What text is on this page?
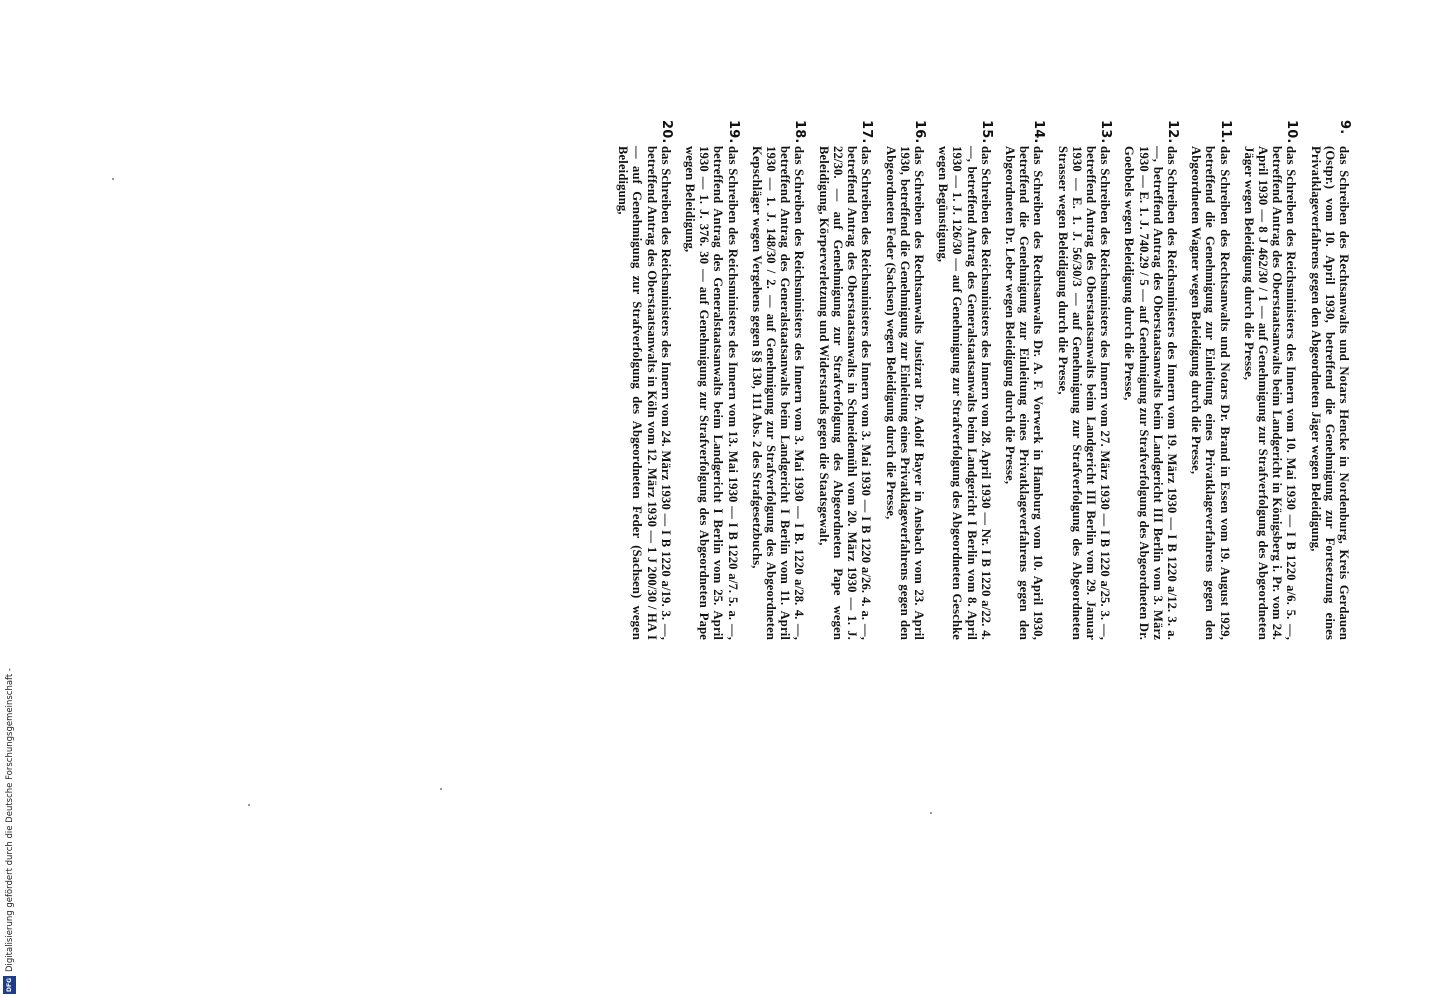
9.
das Schreiben des Rechtsanwalts und Notars Hencke in Nordenburg, Kreis Gerdauen (Ostpr.) vom 10. April 1930, betreffend die Genehmigung zur Fortsetzung eines Privatklageverfahrens gegen den Abgeordneten Jäger wegen Beleidigung,
10.
das Schreiben des Reichsministers des Innern vom 10. Mai 1930 — I B 1220 a/6. 5. —, betreffend Antrag des Oberstaatsanwalts beim Landgericht in Königsberg i. Pr. vom 24. April 1930 — 8 J 462/30 / 1 — auf Genehmigung zur Strafverfolgung des Abgeordneten Jäger wegen Beleidigung durch die Presse,
11.
das Schreiben des Rechtsanwalts und Notars Dr. Brand in Essen vom 19. August 1929, betreffend die Genehmigung zur Einleitung eines Privatklageverfahrens gegen den Abgeordneten Wagner wegen Beleidigung durch die Presse,
12.
das Schreiben des Reichsministers des Innern vom 19. März 1930 — I B 1220 a/12. 3. a. —, betreffend Antrag des Oberstaatsanwalts beim Landgericht III Berlin vom 3. März 1930 — E. 1. J. 740.29 / 5 — auf Genehmigung zur Strafverfolgung des Abgeordneten Dr. Goebbels wegen Beleidigung durch die Presse,
13.
das Schreiben des Reichsministers des Innern vom 27. März 1930 — I B 1220 a/25. 3. —, betreffend Antrag des Oberstaatsanwalts beim Landgericht III Berlin vom 29. Januar 1930 — E. 1. J. 56/30/3 — auf Genehmigung zur Strafverfolgung des Abgeordneten Strasser wegen Beleidigung durch die Presse,
14.
das Schreiben des Rechtsanwalts Dr. A. F. Vorwerk in Hamburg vom 10. April 1930, betreffend die Genehmigung zur Einleitung eines Privatklageverfahrens gegen den Abgeordneten Dr. Leber wegen Beleidigung durch die Presse,
15.
das Schreiben des Reichsministers des Innern vom 28. April 1930 — Nr. I B 1220 a/22. 4. —, betreffend Antrag des Generalstaatsanwalts beim Landgericht I Berlin vom 8. April 1930 — 1. J. 126/30 — auf Genehmigung zur Strafverfolgung des Abgeordneten Geschke wegen Begünstigung,
16.
das Schreiben des Rechtsanwalts Justizrat Dr. Adolf Bayer in Ansbach vom 23. April 1930, betreffend die Genehmigung zur Einleitung eines Privatklageverfahrens gegen den Abgeordneten Feder (Sachsen) wegen Beleidigung durch die Presse,
17.
das Schreiben des Reichsministers des Innern vom 3. Mai 1930 — I B 1220 a/26. 4. a. —, betreffend Antrag des Oberstaatsanwalts in Schneidemühl vom 20. März 1930 — 1. J. 22/30. — auf Genehmigung zur Strafverfolgung des Abgeordneten Pape wegen Beleidigung, Körperverletzung und Widerstands gegen die Staatsgewalt,
18.
das Schreiben des Reichsministers des Innern vom 3. Mai 1930 — I B. 1220 a/28. 4. —, betreffend Antrag des Generalstaatsanwalts beim Landgericht I Berlin vom 11. April 1930 — 1. J. 148/30 / 2. — auf Genehmigung zur Strafverfolgung des Abgeordneten Kepschläger wegen Vergehens gegen §§ 130, 111 Abs. 2 des Strafgesetzbuchs,
19.
das Schreiben des Reichsministers des Innern vom 13. Mai 1930 — I B 1220 a/7. 5. a. —, betreffend Antrag des Generalstaatsanwalts beim Landgericht I Berlin vom 25. April 1930 — 1. J. 376. 30 — auf Genehmigung zur Strafverfolgung des Abgeordneten Pape wegen Beleidigung,
20.
das Schreiben des Reichsministers des Innern vom 24. März 1930 — I B 1220 a/19. 3. —, betreffend Antrag des Oberstaatsanwalts in Köln vom 12. März 1930 — 1 J 200/30 / HA I — auf Genehmigung zur Strafverfolgung des Abgeordneten Feder (Sachsen) wegen Beleidigung,
Digitalisierung gefördert durch die Deutsche Forschungsgemeinschaft -
DFG
